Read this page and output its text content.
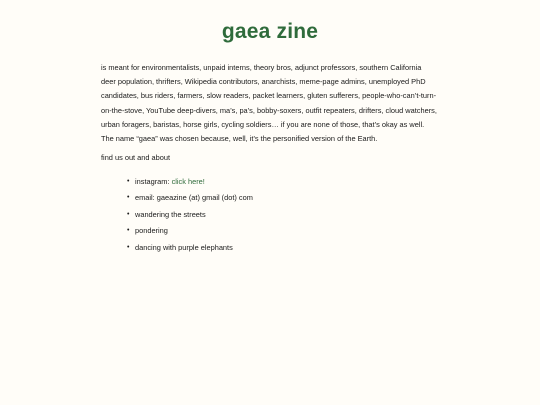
gaea zine

is meant for environmentalists, unpaid interns, theory bros, adjunct professors, southern California

deer population, thrifters, Wikipedia contributors, anarchists, meme-page admins, unemployed PhD

candidates, bus riders, farmers, slow readers, packet learners, gluten sufferers, people-who-can’t-turn-

on-the-stove, YouTube deep-divers, ma’s, pa’s, bobby-soxers, outfit repeaters, drifters, cloud watchers,

urban foragers, baristas, horse girls, cycling soldiers… if you are none of those, that’s okay as well.

The name “gaea” was chosen because, well, it’s the personified version of the Earth.

find us out and about

• instagram: click here!
• email: gaeazine (at) gmail (dot) com
• wandering the streets
• pondering
• dancing with purple elephants
